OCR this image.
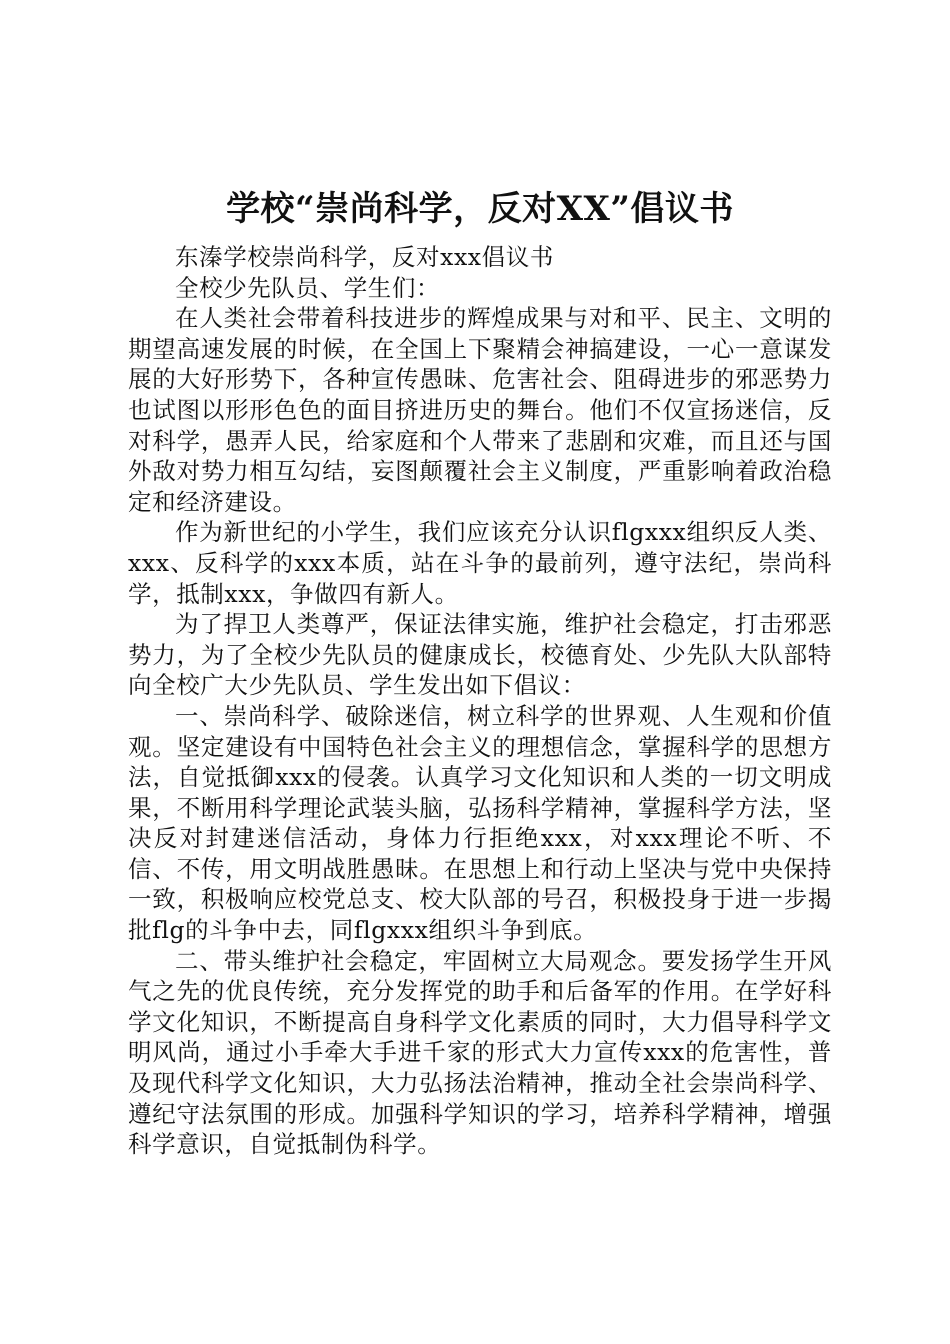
学校“崇尚科学，反对XX”倡议书

东溱学校崇尚科学，反对xxx倡议书

全校少先队员、学生们：

在人类社会带着科技进步的辉煌成果与对和平、民主、文明的期望高速发展的时候，在全国上下聚精会神搞建设，一心一意谋发展的大好形势下，各种宣传愚昧、危害社会、阻碍进步的邪恶势力也试图以形形色色的面目挤进历史的舞台。他们不仅宣扬迷信，反对科学，愚弄人民，给家庭和个人带来了悲剧和灾难，而且还与国外敌对势力相互勾结，妄图颠覆社会主义制度，严重影响着政治稳定和经济建设。

作为新世纪的小学生，我们应该充分认识flgxxx组织反人类、xxx、反科学的xxx本质，站在斗争的最前列，遵守法纪，崇尚科学，抵制xxx，争做四有新人。

为了捍卫人类尊严，保证法律实施，维护社会稳定，打击邪恶势力，为了全校少先队员的健康成长，校德育处、少先队大队部特向全校广大少先队员、学生发出如下倡议：

一、崇尚科学、破除迷信，树立科学的世界观、人生观和价值观。坚定建设有中国特色社会主义的理想信念，掌握科学的思想方法，自觉抵御xxx的侵袭。认真学习文化知识和人类的一切文明成果，不断用科学理论武装头脑，弘扬科学精神，掌握科学方法，坚决反对封建迷信活动，身体力行拒绝xxx，对xxx理论不听、不信、不传，用文明战胜愚昧。在思想上和行动上坚决与党中央保持一致，积极响应校党总支、校大队部的号召，积极投身于进一步揭批flg的斗争中去，同flgxxx组织斗争到底。

二、带头维护社会稳定，牢固树立大局观念。要发扬学生开风气之先的优良传统，充分发挥党的助手和后备军的作用。在学好科学文化知识，不断提高自身科学文化素质的同时，大力倡导科学文明风尚，通过小手牵大手进千家的形式大力宣传xxx的危害性，普及现代科学文化知识，大力弘扬法治精神，推动全社会崇尚科学、遵纪守法氛围的形成。加强科学知识的学习，培养科学精神，增强科学意识，自觉抵制伪科学。
